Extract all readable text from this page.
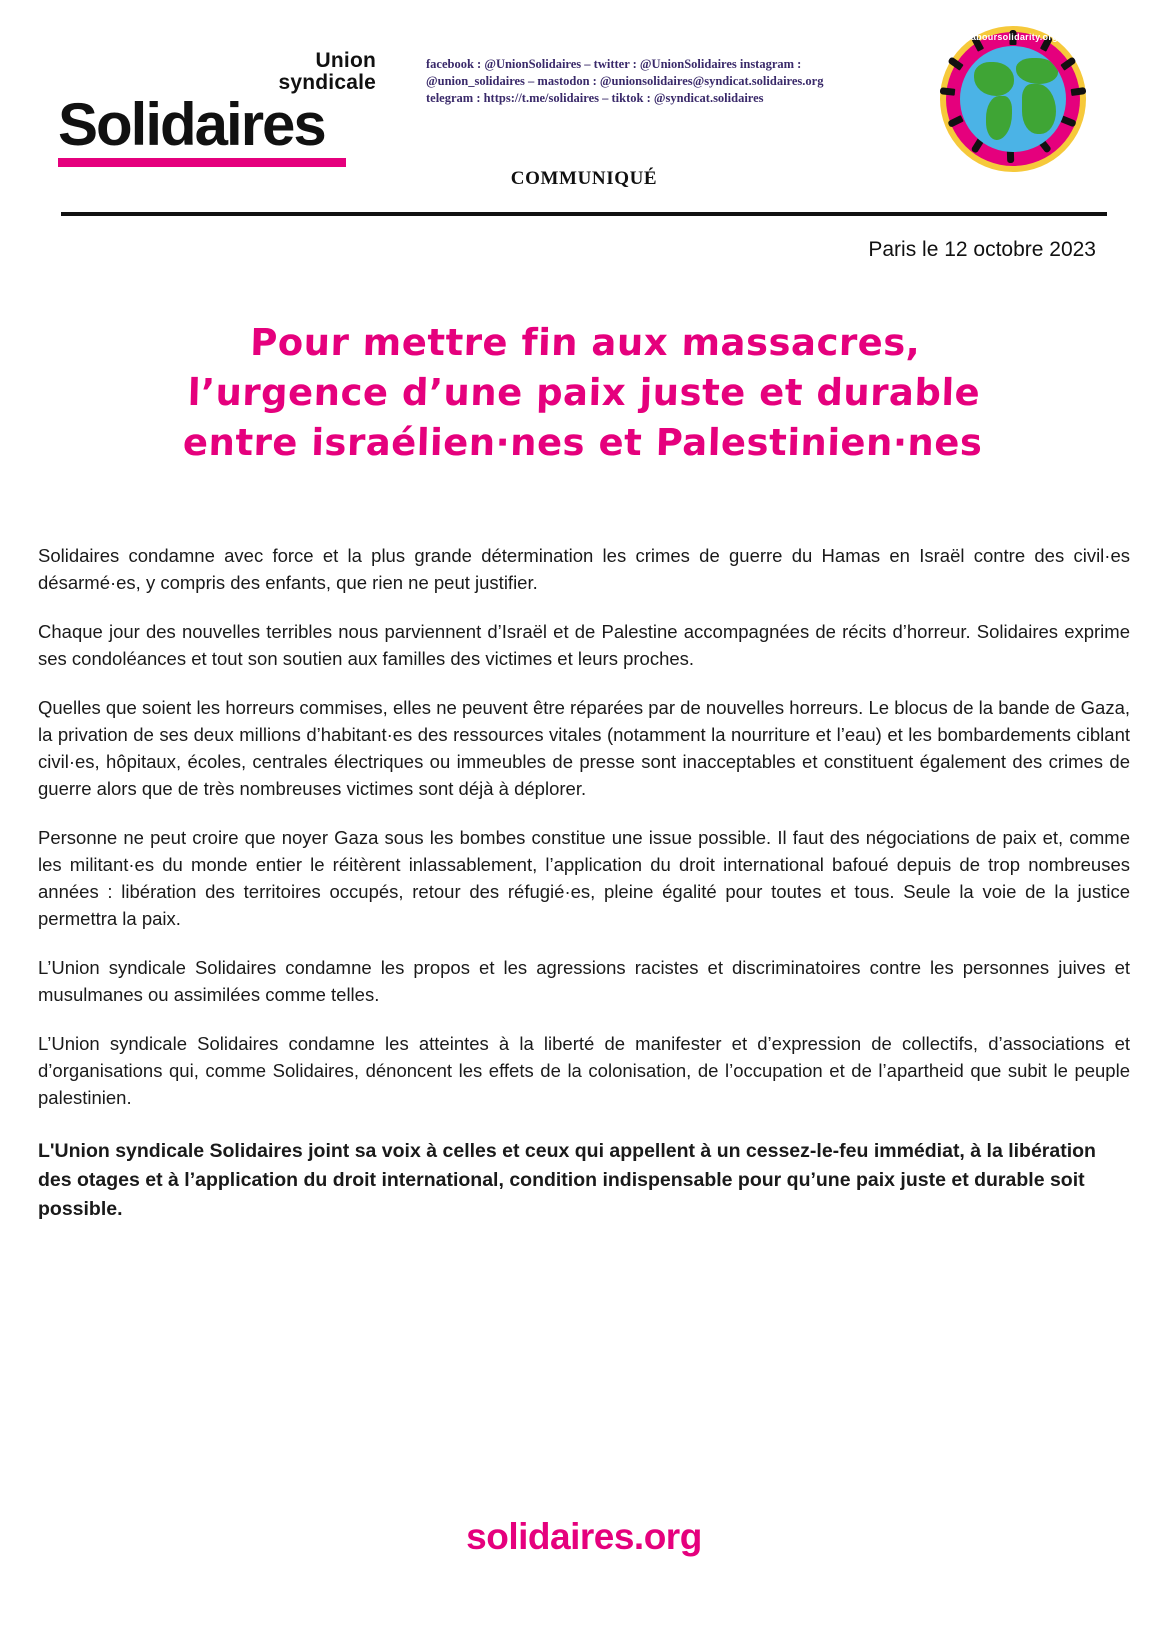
Union
syndicale
Solidaires
facebook : @UnionSolidaires – twitter : @UnionSolidaires instagram :
@union_solidaires – mastodon : @unionsolidaires@syndicat.solidaires.org
telegram : https://t.me/solidaires – tiktok : @syndicat.solidaires
laboursolidarity.org
COMMUNIQUÉ
Paris le 12 octobre 2023
Pour mettre fin aux massacres,
l’urgence d’une paix juste et durable
entre israélien·nes et Palestinien·nes

Solidaires condamne avec force et la plus grande détermination les crimes de guerre du Hamas en Israël contre des civil·es désarmé·es, y compris des enfants, que rien ne peut justifier.

Chaque jour des nouvelles terribles nous parviennent d’Israël et de Palestine accompagnées de récits d’horreur. Solidaires exprime ses condoléances et tout son soutien aux familles des victimes et leurs proches.

Quelles que soient les horreurs commises, elles ne peuvent être réparées par de nouvelles horreurs. Le blocus de la bande de Gaza, la privation de ses deux millions d’habitant·es des ressources vitales (notamment la nourriture et l’eau) et les bombardements ciblant civil·es, hôpitaux, écoles, centrales électriques ou immeubles de presse sont inacceptables et constituent également des crimes de guerre alors que de très nombreuses victimes sont déjà à déplorer.

Personne ne peut croire que noyer Gaza sous les bombes constitue une issue possible. Il faut des négociations de paix et, comme les militant·es du monde entier le réitèrent inlassablement, l’application du droit international bafoué depuis de trop nombreuses années : libération des territoires occupés, retour des réfugié·es, pleine égalité pour toutes et tous. Seule la voie de la justice permettra la paix.

L’Union syndicale Solidaires condamne les propos et les agressions racistes et discriminatoires contre les personnes juives et musulmanes ou assimilées comme telles.

L’Union syndicale Solidaires condamne les atteintes à la liberté de manifester et d’expression de collectifs, d’associations et d’organisations qui, comme Solidaires, dénoncent les effets de la colonisation, de l’occupation et de l’apartheid que subit le peuple palestinien.

L'Union syndicale Solidaires joint sa voix à celles et ceux qui appellent à un cessez-le-feu immédiat, à la libération des otages et à l’application du droit international, condition indispensable pour qu’une paix juste et durable soit possible.

solidaires.org
